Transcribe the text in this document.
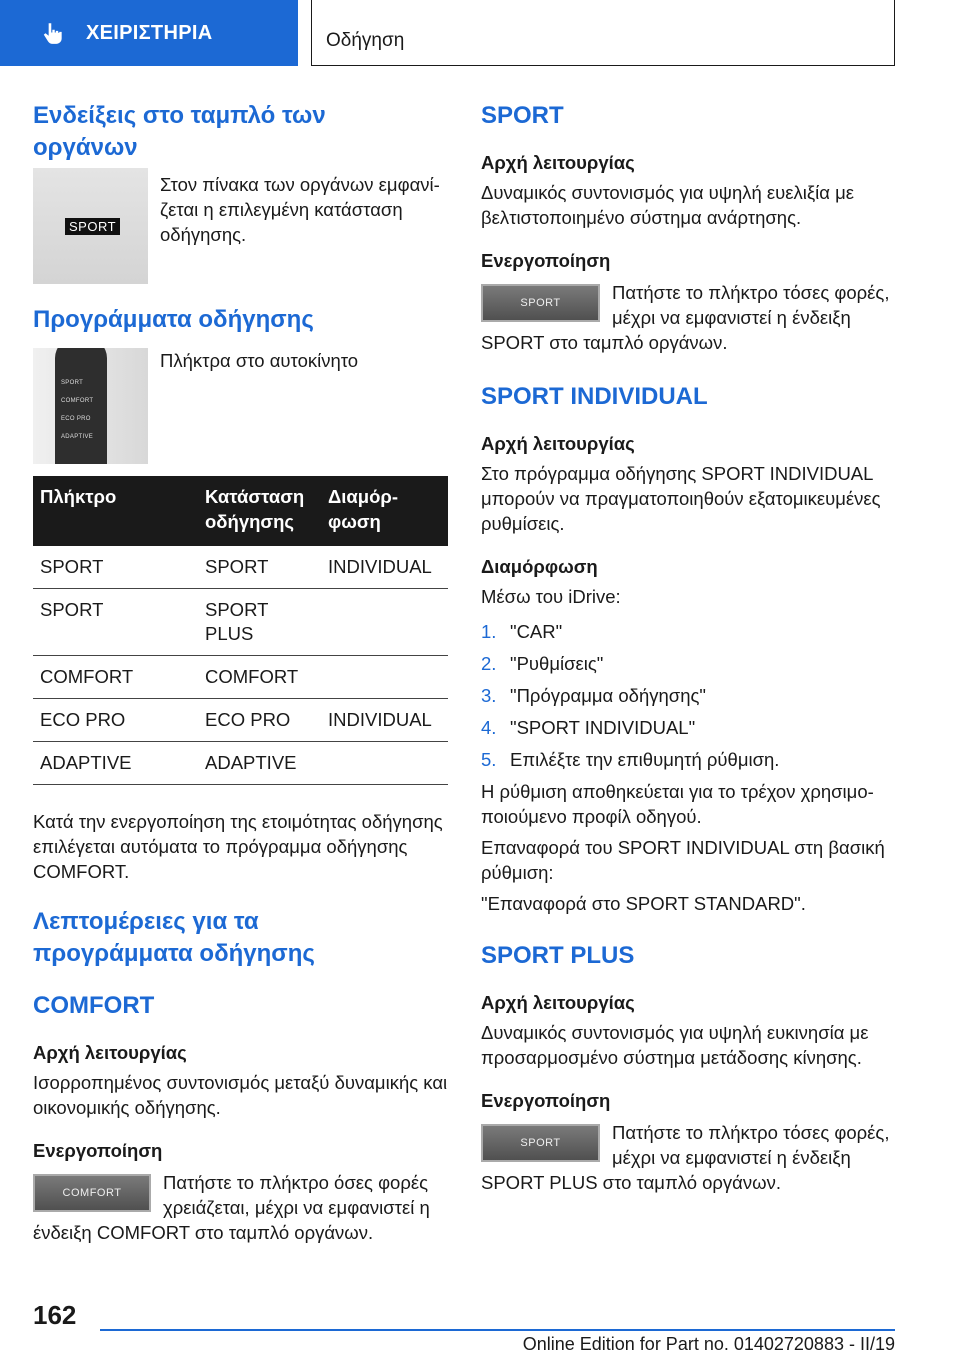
ΧΕΙΡΙΣΤΗΡΙΑ	Οδήγηση
Ενδείξεις στο ταμπλό των οργάνων
SPORT

Στον πίνακα των οργάνων εμφανίζεται η επιλεγμένη κατάσταση οδήγησης.

Προγράμματα οδήγησης
SPORT
COMFORT
ECO PRO
ADAPTIVE

Πλήκτρα στο αυτοκίνητο

Πλήκτρο	Κατάσταση οδήγησης	Διαμόρφωση
SPORT	SPORT	INDIVIDUAL
SPORT	SPORT PLUS	
COMFORT	COMFORT	
ECO PRO	ECO PRO	INDIVIDUAL
ADAPTIVE	ADAPTIVE	

Κατά την ενεργοποίηση της ετοιμότητας οδήγησης επιλέγεται αυτόματα το πρόγραμμα οδήγησης COMFORT.

Λεπτομέρειες για τα προγράμματα οδήγησης
COMFORT
Αρχή λειτουργίας

Ισορροπημένος συντονισμός μεταξύ δυναμικής και οικονομικής οδήγησης.

Ενεργοποίηση
COMFORT	Πατήστε το πλήκτρο όσες φορές χρειάζεται, μέχρι να εμφανιστεί η ένδειξη COMFORT στο ταμπλό οργάνων.

SPORT
Αρχή λειτουργίας

Δυναμικός συντονισμός για υψηλή ευελιξία με βελτιστοποιημένο σύστημα ανάρτησης.

Ενεργοποίηση
SPORT	Πατήστε το πλήκτρο τόσες φορές, μέχρι να εμφανιστεί η ένδειξη SPORT στο ταμπλό οργάνων.

SPORT INDIVIDUAL
Αρχή λειτουργίας

Στο πρόγραμμα οδήγησης SPORT INDIVIDUAL μπορούν να πραγματοποιηθούν εξατομικευμένες ρυθμίσεις.

Διαμόρφωση

Μέσω του iDrive:

1. "CAR"
2. "Ρυθμίσεις"
3. "Πρόγραμμα οδήγησης"
4. "SPORT INDIVIDUAL"
5. Επιλέξτε την επιθυμητή ρύθμιση.

Η ρύθμιση αποθηκεύεται για το τρέχον χρησιμοποιούμενο προφίλ οδηγού.

Επαναφορά του SPORT INDIVIDUAL στη βασική ρύθμιση:

"Επαναφορά στο SPORT STANDARD".

SPORT PLUS
Αρχή λειτουργίας

Δυναμικός συντονισμός για υψηλή ευκινησία με προσαρμοσμένο σύστημα μετάδοσης κίνησης.

Ενεργοποίηση
SPORT	Πατήστε το πλήκτρο τόσες φορές, μέχρι να εμφανιστεί η ένδειξη SPORT PLUS στο ταμπλό οργάνων.

162
Online Edition for Part no. 01402720883 - II/19
